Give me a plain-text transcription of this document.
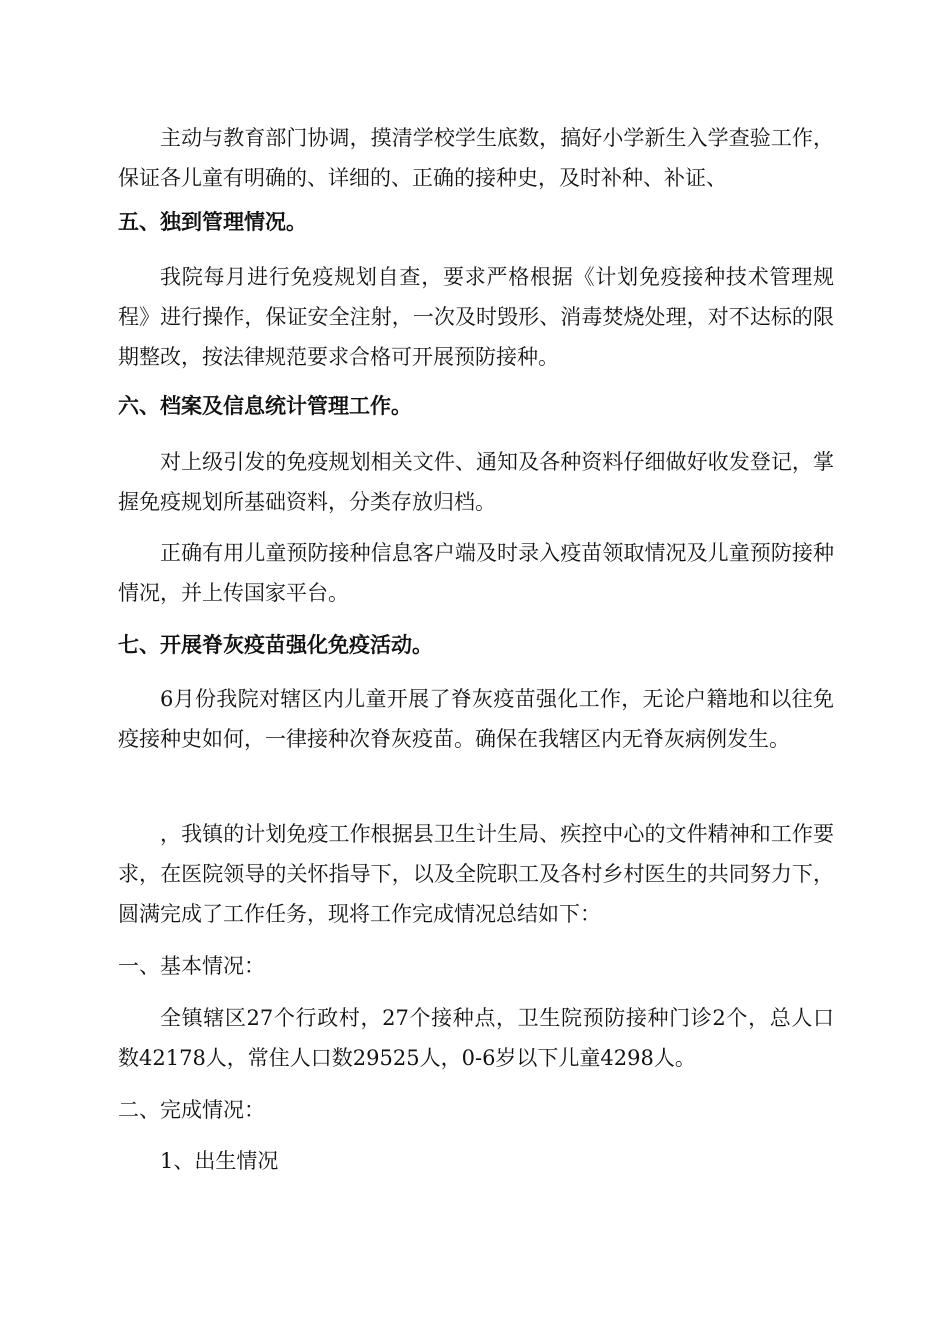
主动与教育部门协调，摸清学校学生底数，搞好小学新生入学查验工作，保证各儿童有明确的、详细的、正确的接种史，及时补种、补证、

五、独到管理情况。

我院每月进行免疫规划自查，要求严格根据《计划免疫接种技术管理规程》进行操作，保证安全注射，一次及时毁形、消毒焚烧处理，对不达标的限期整改，按法律规范要求合格可开展预防接种。

六、档案及信息统计管理工作。

对上级引发的免疫规划相关文件、通知及各种资料仔细做好收发登记，掌握免疫规划所基础资料，分类存放归档。

正确有用儿童预防接种信息客户端及时录入疫苗领取情况及儿童预防接种情况，并上传国家平台。

七、开展脊灰疫苗强化免疫活动。

6月份我院对辖区内儿童开展了脊灰疫苗强化工作，无论户籍地和以往免疫接种史如何，一律接种次脊灰疫苗。确保在我辖区内无脊灰病例发生。

，我镇的计划免疫工作根据县卫生计生局、疾控中心的文件精神和工作要求，在医院领导的关怀指导下，以及全院职工及各村乡村医生的共同努力下，圆满完成了工作任务，现将工作完成情况总结如下：

一、基本情况：

全镇辖区27个行政村，27个接种点，卫生院预防接种门诊2个，总人口数42178人，常住人口数29525人，0-6岁以下儿童4298人。

二、完成情况：

1、出生情况
